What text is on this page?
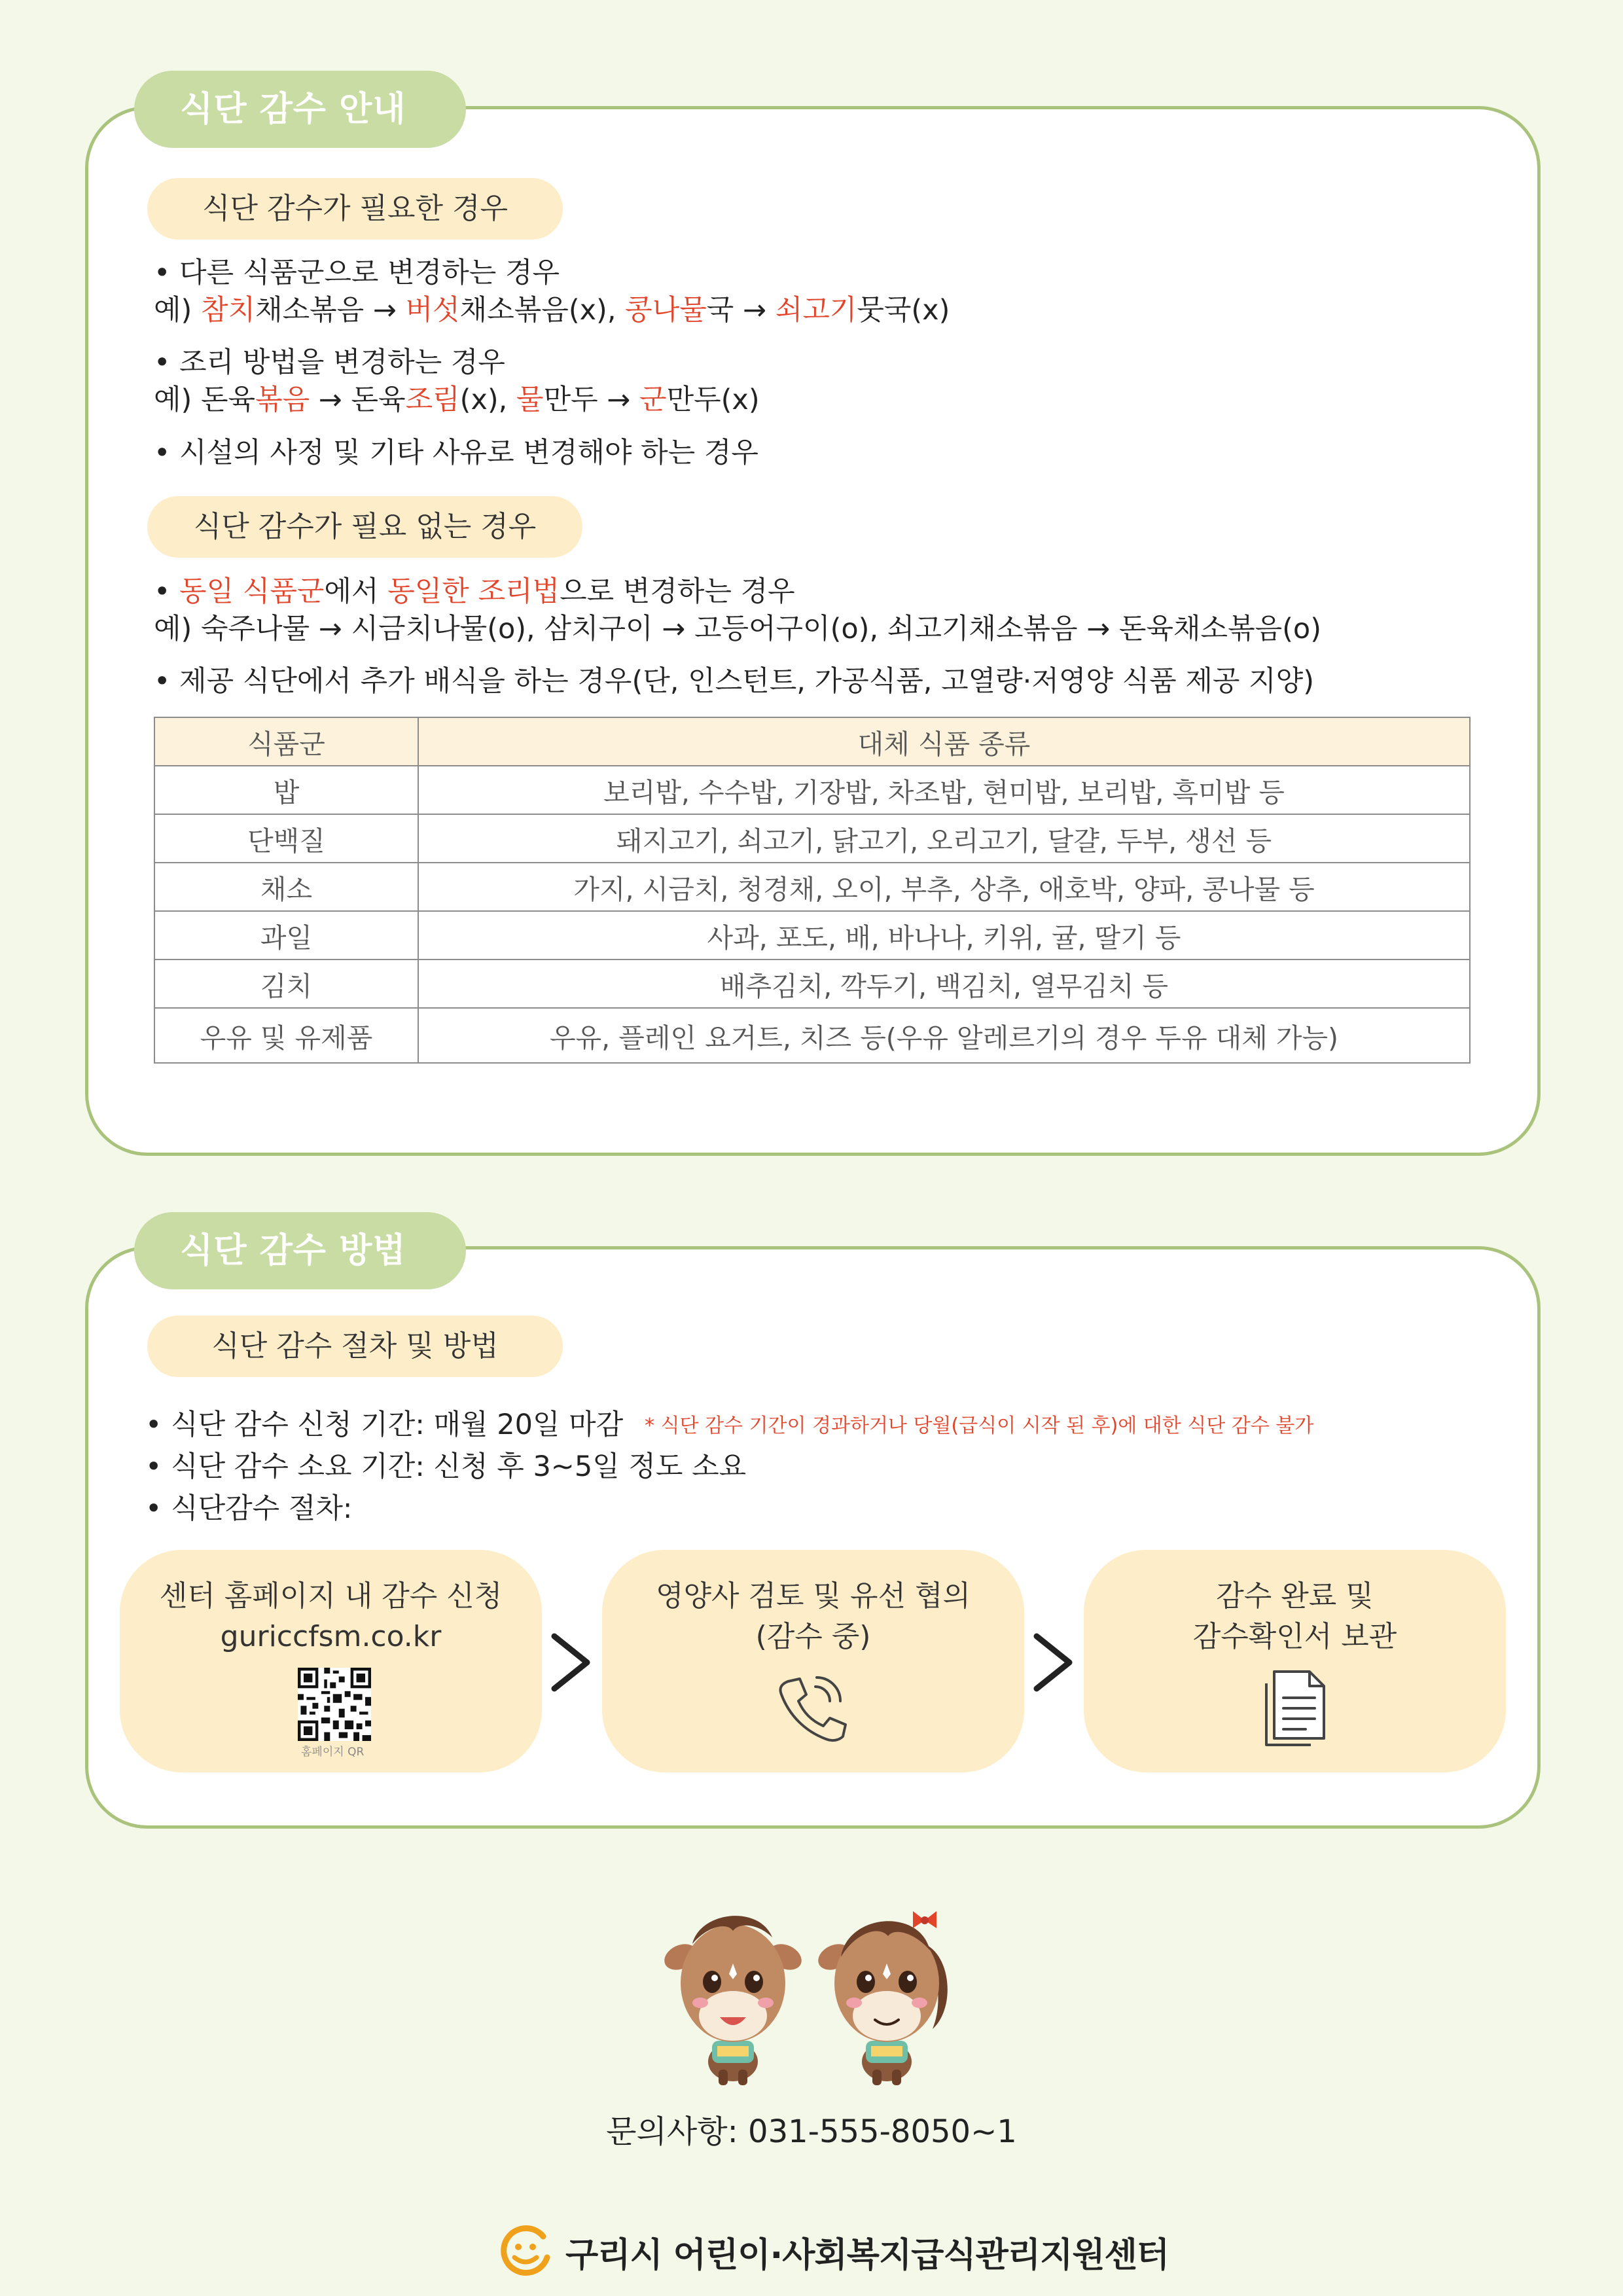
식단 감수 안내
식단 감수가 필요한 경우
• 다른 식품군으로 변경하는 경우
예) 참치채소볶음 → 버섯채소볶음(x), 콩나물국 → 쇠고기뭇국(x)
• 조리 방법을 변경하는 경우
예) 돈육볶음 → 돈육조림(x), 물만두 → 군만두(x)
• 시설의 사정 및 기타 사유로 변경해야 하는 경우
식단 감수가 필요 없는 경우
• 동일 식품군에서 동일한 조리법으로 변경하는 경우
예) 숙주나물 → 시금치나물(o), 삼치구이 → 고등어구이(o), 쇠고기채소볶음 → 돈육채소볶음(o)
• 제공 식단에서 추가 배식을 하는 경우(단, 인스턴트, 가공식품, 고열량·저영양 식품 제공 지양)
식품군	대체 식품 종류
밥	보리밥, 수수밥, 기장밥, 차조밥, 현미밥, 보리밥, 흑미밥 등
단백질	돼지고기, 쇠고기, 닭고기, 오리고기, 달걀, 두부, 생선 등
채소	가지, 시금치, 청경채, 오이, 부추, 상추, 애호박, 양파, 콩나물 등
과일	사과, 포도, 배, 바나나, 키위, 귤, 딸기 등
김치	배추김치, 깍두기, 백김치, 열무김치 등
우유 및 유제품	우유, 플레인 요거트, 치즈 등(우유 알레르기의 경우 두유 대체 가능)
식단 감수 방법
식단 감수 절차 및 방법
• 식단 감수 신청 기간: 매월 20일 마감 * 식단 감수 기간이 경과하거나 당월(급식이 시작 된 후)에 대한 식단 감수 불가
• 식단 감수 소요 기간: 신청 후 3~5일 정도 소요
• 식단감수 절차:
센터 홈페이지 내 감수 신청
guriccfsm.co.kr
홈페이지 QR
영양사 검토 및 유선 협의
(감수 중)
감수 완료 및
감수확인서 보관
문의사항: 031-555-8050~1
구리시 어린이·사회복지급식관리지원센터
